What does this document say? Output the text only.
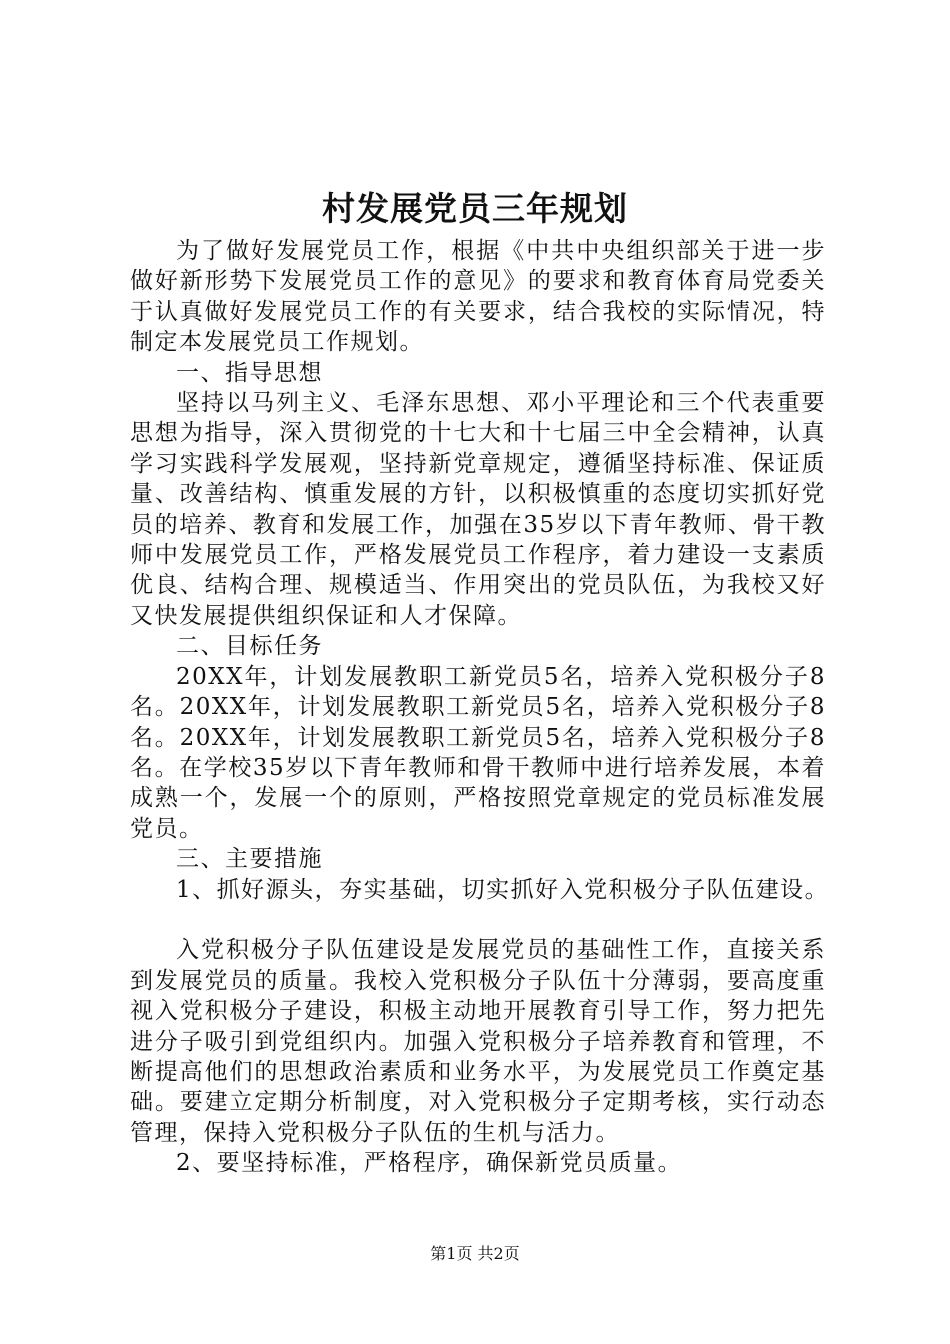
村发展党员三年规划

为了做好发展党员工作，根据《中共中央组织部关于进一步做好新形势下发展党员工作的意见》的要求和教育体育局党委关于认真做好发展党员工作的有关要求，结合我校的实际情况，特制定本发展党员工作规划。

一、指导思想

坚持以马列主义、毛泽东思想、邓小平理论和三个代表重要思想为指导，深入贯彻党的十七大和十七届三中全会精神，认真学习实践科学发展观，坚持新党章规定，遵循坚持标准、保证质量、改善结构、慎重发展的方针，以积极慎重的态度切实抓好党员的培养、教育和发展工作，加强在35岁以下青年教师、骨干教师中发展党员工作，严格发展党员工作程序，着力建设一支素质优良、结构合理、规模适当、作用突出的党员队伍，为我校又好又快发展提供组织保证和人才保障。

二、目标任务

20XX年，计划发展教职工新党员5名，培养入党积极分子8名。20XX年，计划发展教职工新党员5名，培养入党积极分子8名。20XX年，计划发展教职工新党员5名，培养入党积极分子8名。在学校35岁以下青年教师和骨干教师中进行培养发展，本着成熟一个，发展一个的原则，严格按照党章规定的党员标准发展党员。

三、主要措施

1、抓好源头，夯实基础，切实抓好入党积极分子队伍建设。

入党积极分子队伍建设是发展党员的基础性工作，直接关系到发展党员的质量。我校入党积极分子队伍十分薄弱，要高度重视入党积极分子建设，积极主动地开展教育引导工作，努力把先进分子吸引到党组织内。加强入党积极分子培养教育和管理，不断提高他们的思想政治素质和业务水平，为发展党员工作奠定基础。要建立定期分析制度，对入党积极分子定期考核，实行动态管理，保持入党积极分子队伍的生机与活力。

2、要坚持标准，严格程序，确保新党员质量。

第1页 共2页
